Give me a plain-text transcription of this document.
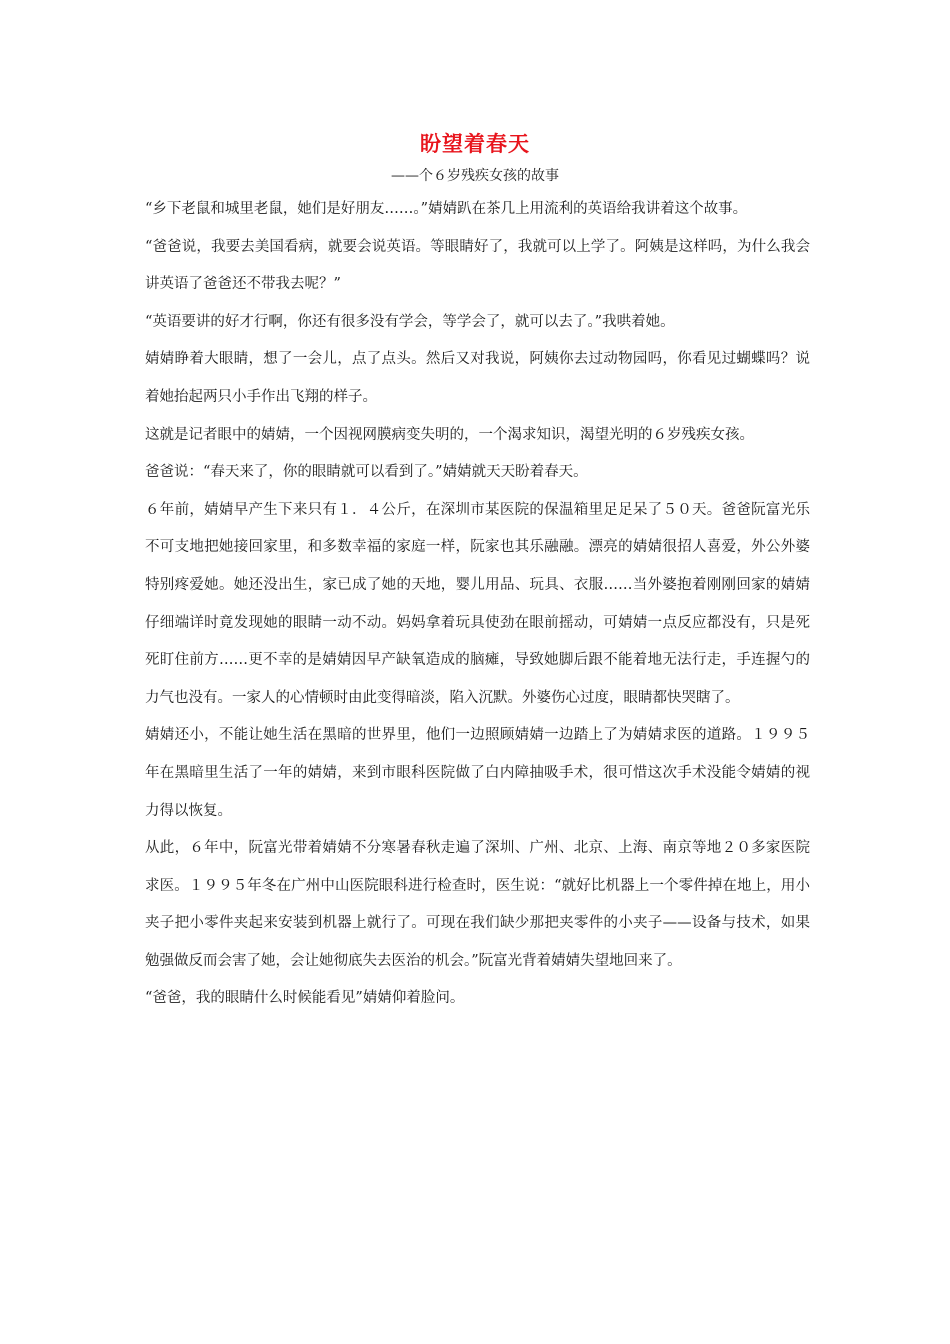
盼望着春天
——个６岁残疾女孩的故事

“乡下老鼠和城里老鼠，她们是好朋友……。”婧婧趴在茶几上用流利的英语给我讲着这个故事。

“爸爸说，我要去美国看病，就要会说英语。等眼睛好了，我就可以上学了。阿姨是这样吗，为什么我会讲英语了爸爸还不带我去呢？”

“英语要讲的好才行啊，你还有很多没有学会，等学会了，就可以去了。”我哄着她。

婧婧睁着大眼睛，想了一会儿，点了点头。然后又对我说，阿姨你去过动物园吗，你看见过蝴蝶吗？说着她抬起两只小手作出飞翔的样子。

这就是记者眼中的婧婧，一个因视网膜病变失明的，一个渴求知识，渴望光明的６岁残疾女孩。

爸爸说：“春天来了，你的眼睛就可以看到了。”婧婧就天天盼着春天。

６年前，婧婧早产生下来只有１．４公斤，在深圳市某医院的保温箱里足足呆了５０天。爸爸阮富光乐不可支地把她接回家里，和多数幸福的家庭一样，阮家也其乐融融。漂亮的婧婧很招人喜爱，外公外婆特别疼爱她。她还没出生，家已成了她的天地，婴儿用品、玩具、衣服……当外婆抱着刚刚回家的婧婧仔细端详时竟发现她的眼睛一动不动。妈妈拿着玩具使劲在眼前摇动，可婧婧一点反应都没有，只是死死盯住前方……更不幸的是婧婧因早产缺氧造成的脑瘫，导致她脚后跟不能着地无法行走，手连握勺的力气也没有。一家人的心情顿时由此变得暗淡，陷入沉默。外婆伤心过度，眼睛都快哭瞎了。

婧婧还小，不能让她生活在黑暗的世界里，他们一边照顾婧婧一边踏上了为婧婧求医的道路。１９９５年在黑暗里生活了一年的婧婧，来到市眼科医院做了白内障抽吸手术，很可惜这次手术没能令婧婧的视力得以恢复。

从此，６年中，阮富光带着婧婧不分寒暑春秋走遍了深圳、广州、北京、上海、南京等地２０多家医院求医。１９９５年冬在广州中山医院眼科进行检查时，医生说：“就好比机器上一个零件掉在地上，用小夹子把小零件夹起来安装到机器上就行了。可现在我们缺少那把夹零件的小夹子——设备与技术，如果勉强做反而会害了她，会让她彻底失去医治的机会。”阮富光背着婧婧失望地回来了。

“爸爸，我的眼睛什么时候能看见”婧婧仰着脸问。
